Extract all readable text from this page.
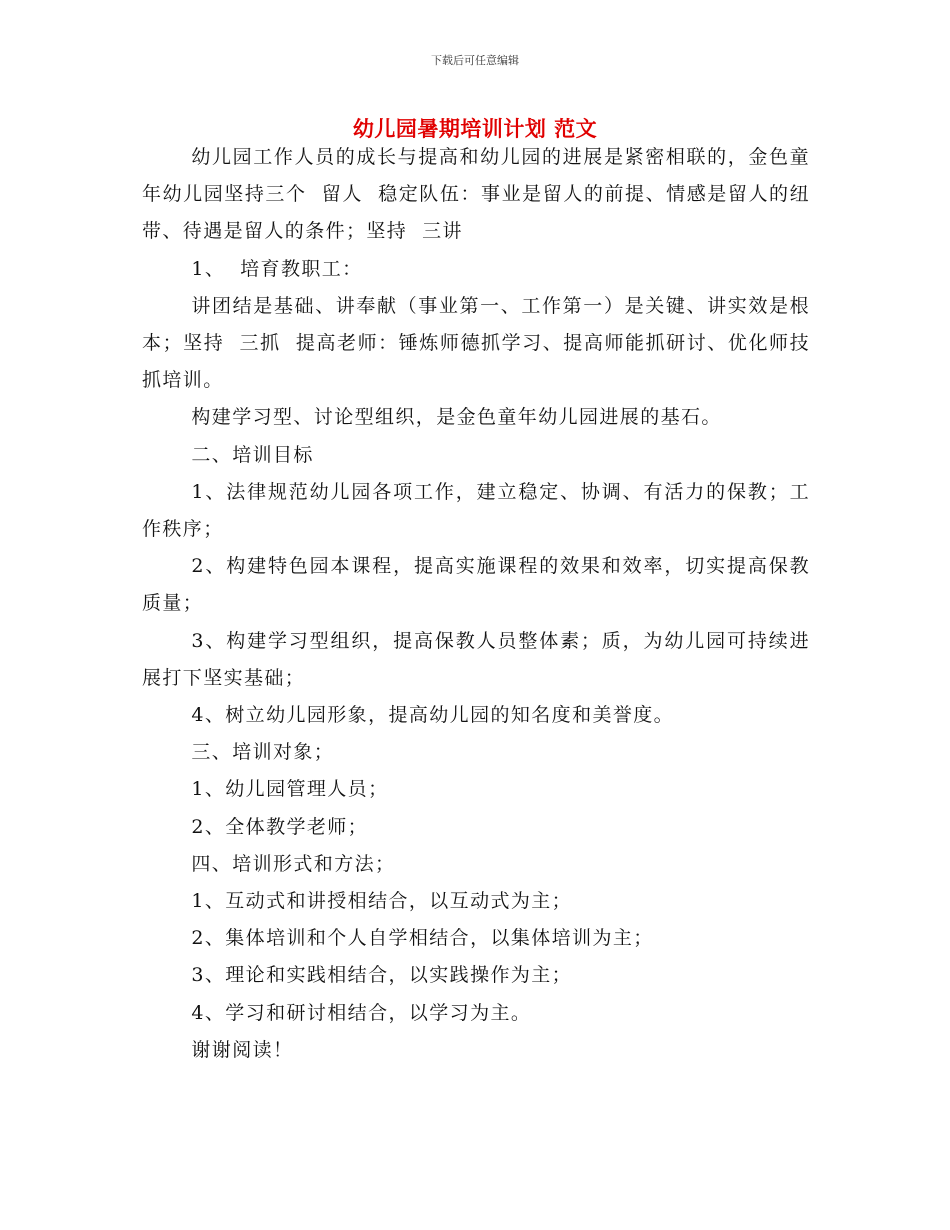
下载后可任意编辑
幼儿园暑期培训计划 范文

幼儿园工作人员的成长与提高和幼儿园的进展是紧密相联的，金色童年幼儿园坚持三个  留人  稳定队伍：事业是留人的前提、情感是留人的纽带、待遇是留人的条件；坚持  三讲

1、  培育教职工：

讲团结是基础、讲奉献（事业第一、工作第一）是关键、讲实效是根本；坚持  三抓  提高老师：锤炼师德抓学习、提高师能抓研讨、优化师技抓培训。

构建学习型、讨论型组织，是金色童年幼儿园进展的基石。

二、培训目标

1、法律规范幼儿园各项工作，建立稳定、协调、有活力的保教；工作秩序；

2、构建特色园本课程，提高实施课程的效果和效率，切实提高保教质量；

3、构建学习型组织，提高保教人员整体素；质，为幼儿园可持续进展打下坚实基础；

4、树立幼儿园形象，提高幼儿园的知名度和美誉度。

三、培训对象；

1、幼儿园管理人员；

2、全体教学老师；

四、培训形式和方法；

1、互动式和讲授相结合，以互动式为主；

2、集体培训和个人自学相结合，以集体培训为主；

3、理论和实践相结合，以实践操作为主；

4、学习和研讨相结合，以学习为主。

谢谢阅读！
